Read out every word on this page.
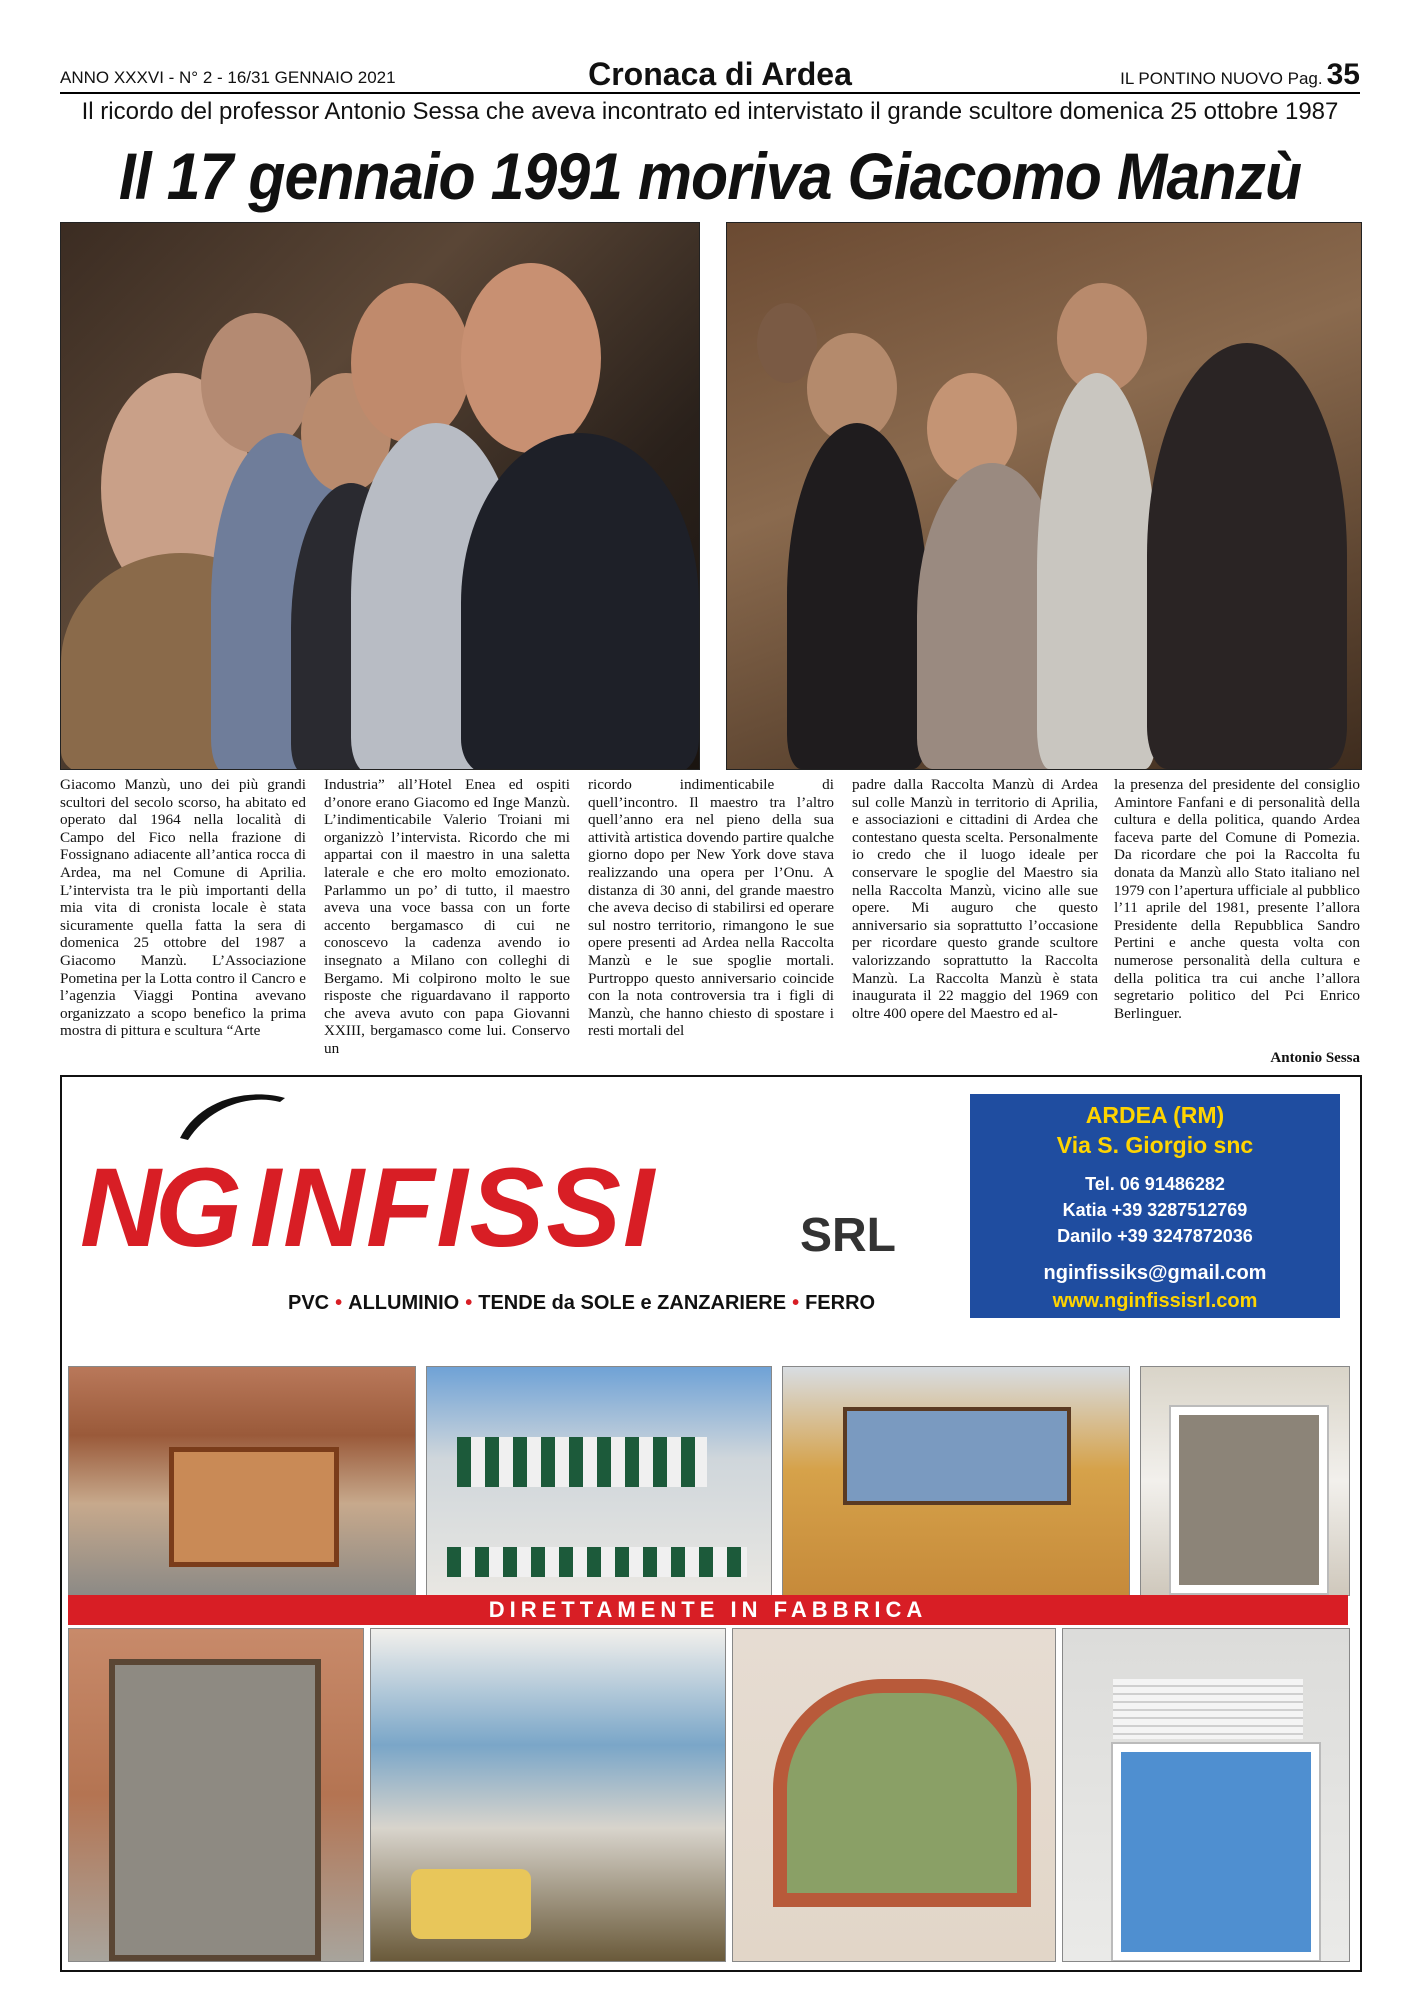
ANNO XXXVI - N° 2 - 16/31 GENNAIO 2021	Cronaca di Ardea	IL PONTINO NUOVO Pag. 35
Il ricordo del professor Antonio Sessa che aveva incontrato ed intervistato il grande scultore domenica 25 ottobre 1987
Il 17 gennaio 1991 moriva Giacomo Manzù

Giacomo Manzù, uno dei più grandi scultori del secolo scorso, ha abitato ed operato dal 1964 nella località di Campo del Fico nella frazione di Fossignano adiacente all’antica rocca di Ardea, ma nel Comune di Aprilia. L’intervista tra le più importanti della mia vita di cronista locale è stata sicuramente quella fatta la sera di domenica 25 ottobre del 1987 a Giacomo Manzù. L’Associazione Pometina per la Lotta contro il Cancro e l’agenzia Viaggi Pontina avevano organizzato a scopo benefico la prima mostra di pittura e scultura “Arte

Industria” all’Hotel Enea ed ospiti d’onore erano Giacomo ed Inge Manzù. L’indimenticabile Valerio Troiani mi organizzò l’intervista. Ricordo che mi appartai con il maestro in una saletta laterale e che ero molto emozionato. Parlammo un po’ di tutto, il maestro aveva una voce bassa con un forte accento bergamasco di cui ne conoscevo la cadenza avendo io insegnato a Milano con colleghi di Bergamo. Mi colpirono molto le sue risposte che riguardavano il rapporto che aveva avuto con papa Giovanni XXIII, bergamasco come lui. Conservo un

ricordo indimenticabile di quell’incontro. Il maestro tra l’altro quell’anno era nel pieno della sua attività artistica dovendo partire qualche giorno dopo per New York dove stava realizzando una opera per l’Onu. A distanza di 30 anni, del grande maestro che aveva deciso di stabilirsi ed operare sul nostro territorio, rimangono le sue opere presenti ad Ardea nella Raccolta Manzù e le sue spoglie mortali. Purtroppo questo anniversario coincide con la nota controversia tra i figli di Manzù, che hanno chiesto di spostare i resti mortali del

padre dalla Raccolta Manzù di Ardea sul colle Manzù in territorio di Aprilia, e associazioni e cittadini di Ardea che contestano questa scelta. Personalmente io credo che il luogo ideale per conservare le spoglie del Maestro sia nella Raccolta Manzù, vicino alle sue opere. Mi auguro che questo anniversario sia soprattutto l’occasione per ricordare questo grande scultore valorizzando soprattutto la Raccolta Manzù. La Raccolta Manzù è stata inaugurata il 22 maggio del 1969 con oltre 400 opere del Maestro ed al-

la presenza del presidente del consiglio Amintore Fanfani e di personalità della cultura e della politica, quando Ardea faceva parte del Comune di Pomezia. Da ricordare che poi la Raccolta fu donata da Manzù allo Stato italiano nel 1979 con l’apertura ufficiale al pubblico l’11 aprile del 1981, presente l’allora Presidente della Repubblica Sandro Pertini e anche questa volta con numerose personalità della cultura e della politica tra cui anche l’allora segretario politico del Pci Enrico Berlinguer.

Antonio Sessa
NG INFISSI	SRL
PVC • ALLUMINIO • TENDE da SOLE e ZANZARIERE • FERRO
ARDEA (RM)
Via S. Giorgio snc
Tel. 06 91486282
Katia +39 3287512769
Danilo +39 3247872036
nginfissiks@gmail.com
www.nginfissisrl.com
DIRETTAMENTE IN FABBRICA
